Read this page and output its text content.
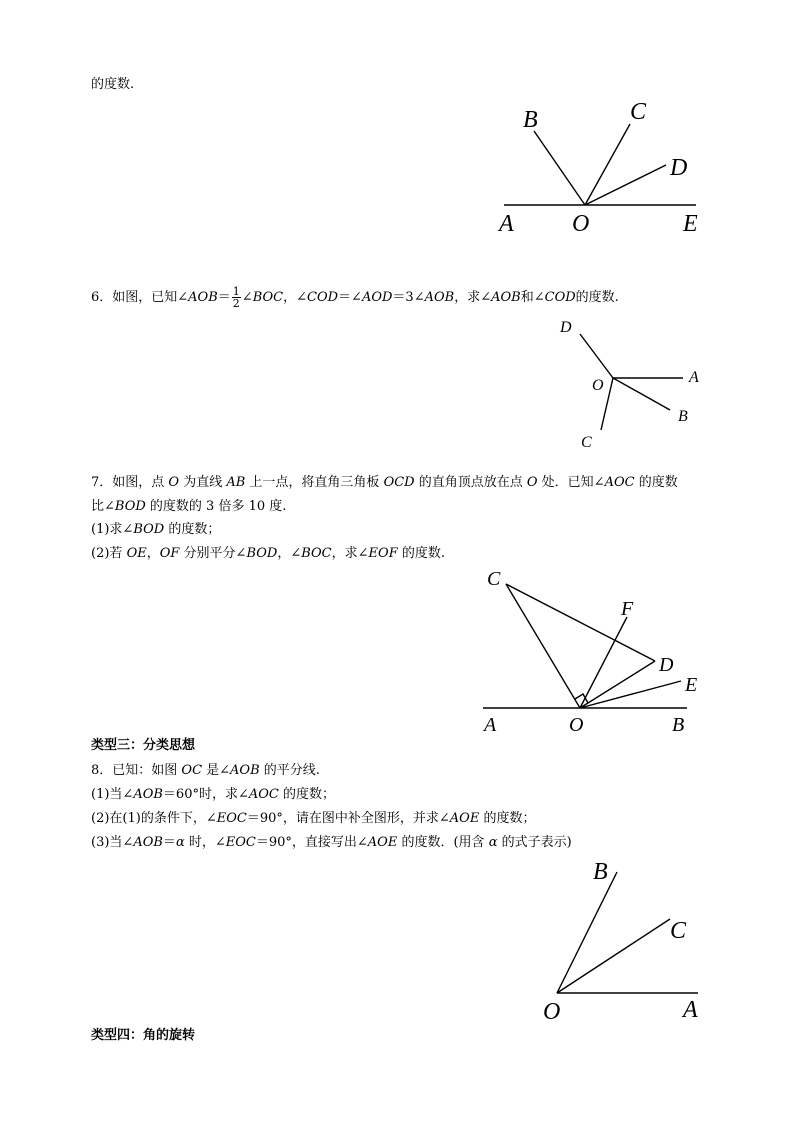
的度数.
B	C
D
A O	E
6．如图，已知∠AOB＝ $\frac{1}{2}$ ∠BOC，∠COD＝∠AOD＝3∠AOB，求∠AOB和∠COD的度数.
D
O	A
B
C
7．如图，点 O 为直线 AB 上一点，将直角三角板 OCD 的直角顶点放在点 O 处．已知∠AOC 的度数
比∠BOD 的度数的 3 倍多 10 度.
(1)求∠BOD 的度数；
(2)若 OE，OF 分别平分∠BOD，∠BOC，求∠EOF 的度数.
C
F
D
E
A	O	B
类型三：分类思想
8．已知：如图 OC 是∠AOB 的平分线.
(1)当∠AOB＝60°时，求∠AOC 的度数；
(2)在(1)的条件下，∠EOC＝90°，请在图中补全图形，并求∠AOE 的度数；
(3)当∠AOB＝α 时，∠EOC＝90°，直接写出∠AOE 的度数．(用含 α 的式子表示)
B
C
O	A
类型四：角的旋转
